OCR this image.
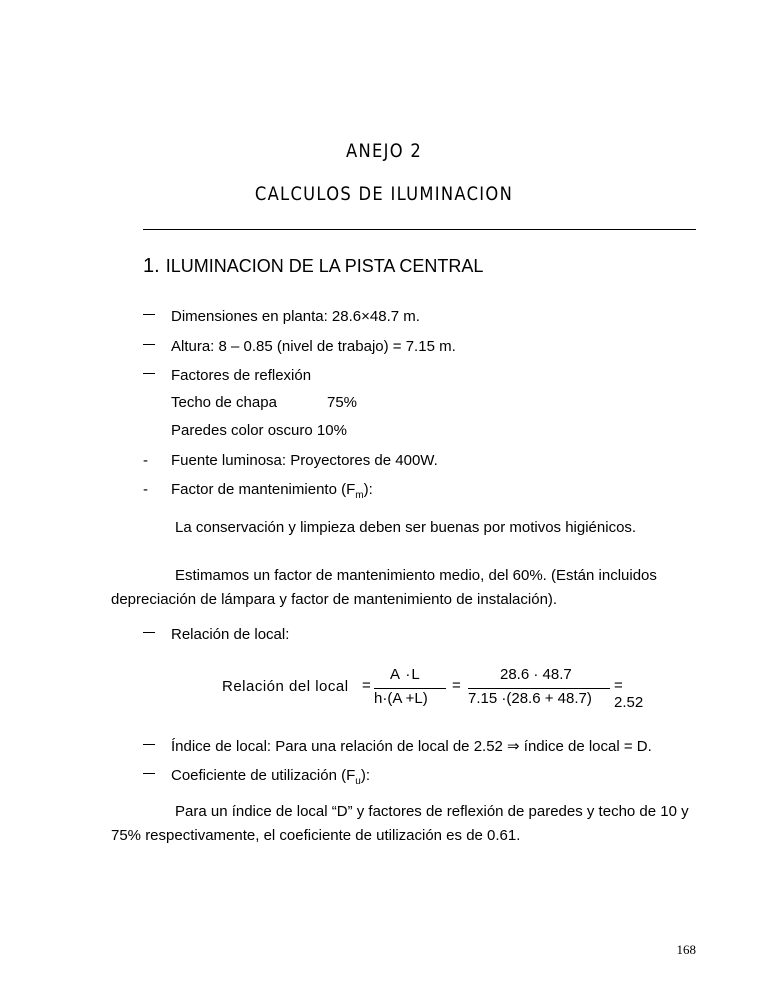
ANEJO 2
CALCULOS DE ILUMINACION
1. ILUMINACION DE LA PISTA CENTRAL
Dimensiones en planta: 28.6×48.7 m.
Altura: 8 – 0.85 (nivel de trabajo) = 7.15 m.
Factores de reflexión
Techo de chapa	75%
Paredes color oscuro 10%
- Fuente luminosa: Proyectores de 400W.
- Factor de mantenimiento $(F_m)$:
La conservación y limpieza deben ser buenas por motivos higiénicos.
Estimamos un factor de mantenimiento medio, del 60%. (Están incluidos depreciación de lámpara y factor de mantenimiento de instalación).
Relación de local:
Relación del local =
A ·L
h·(A +L)
=
28.6 · 48.7
7.15 ·(28.6 + 48.7)
= 2.52
Índice de local: Para una relación de local de 2.52 ⇒ índice de local = D.
Coeficiente de utilización $(F_u)$:
Para un índice de local “D” y factores de reflexión de paredes y techo de 10 y 75% respectivamente, el coeficiente de utilización es de 0.61.
168
